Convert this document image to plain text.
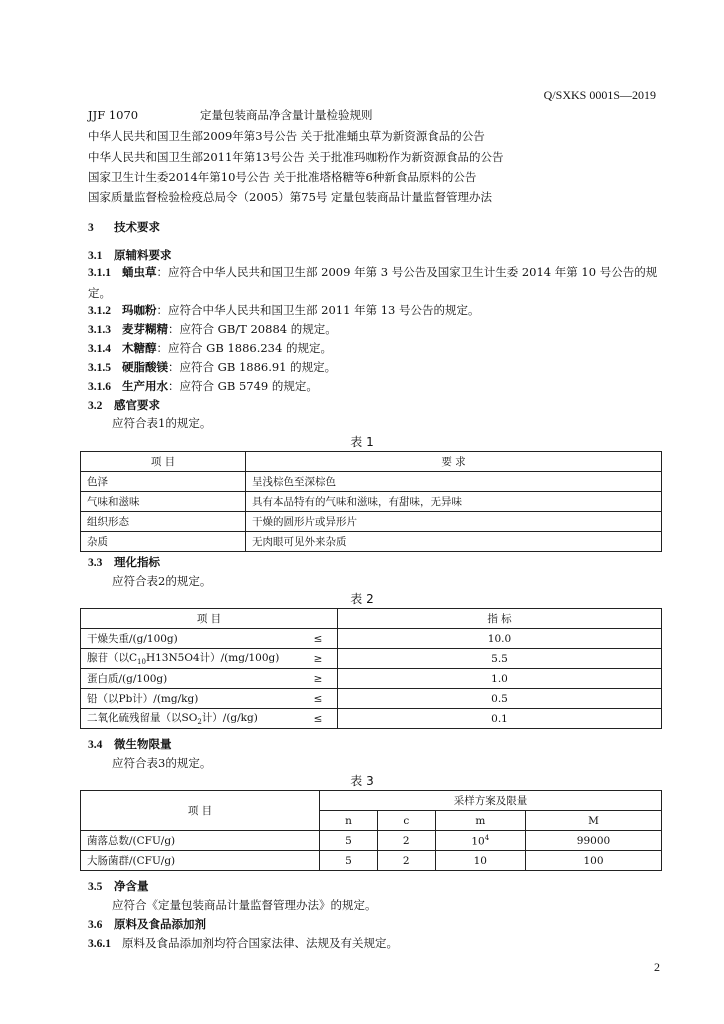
Q/SXKS 0001S—2019
JJF 1070	定量包装商品净含量计量检验规则
中华人民共和国卫生部2009年第3号公告 关于批准蛹虫草为新资源食品的公告
中华人民共和国卫生部2011年第13号公告 关于批准玛咖粉作为新资源食品的公告
国家卫生计生委2014年第10号公告 关于批准塔格糖等6种新食品原料的公告
国家质量监督检验检疫总局令（2005）第75号 定量包装商品计量监督管理办法
3 技术要求
3.1 原辅料要求
3.1.1 蛹虫草：应符合中华人民共和国卫生部 2009 年第 3 号公告及国家卫生计生委 2014 年第 10 号公告的规定。
3.1.2 玛咖粉：应符合中华人民共和国卫生部 2011 年第 13 号公告的规定。
3.1.3 麦芽糊精：应符合 GB/T 20884 的规定。
3.1.4 木糖醇：应符合 GB 1886.234 的规定。
3.1.5 硬脂酸镁：应符合 GB 1886.91 的规定。
3.1.6 生产用水：应符合 GB 5749 的规定。
3.2 感官要求
应符合表1的规定。
表 1
项 目	要 求
色泽	呈浅棕色至深棕色
气味和滋味	具有本品特有的气味和滋味，有甜味，无异味
组织形态	干燥的圆形片或异形片
杂质	无肉眼可见外来杂质
3.3 理化指标
应符合表2的规定。
表 2
项 目		指 标
干燥失重/(g/100g)	≤	10.0
腺苷（以$C_{10}H13N5O4$计）/(mg/100g)	≥	5.5
蛋白质/(g/100g)	≥	1.0
铅（以Pb计）/(mg/kg)	≤	0.5
二氧化硫残留量（以$SO_2$计）/(g/kg)	≤	0.1
3.4 微生物限量
应符合表3的规定。
表 3
项 目	采样方案及限量			
	n	c	m	M
菌落总数/(CFU/g)	5	2	$10^4$	99000
大肠菌群/(CFU/g)	5	2	10	100
3.5 净含量
应符合《定量包装商品计量监督管理办法》的规定。
3.6 原料及食品添加剂
3.6.1 原料及食品添加剂均符合国家法律、法规及有关规定。
2
